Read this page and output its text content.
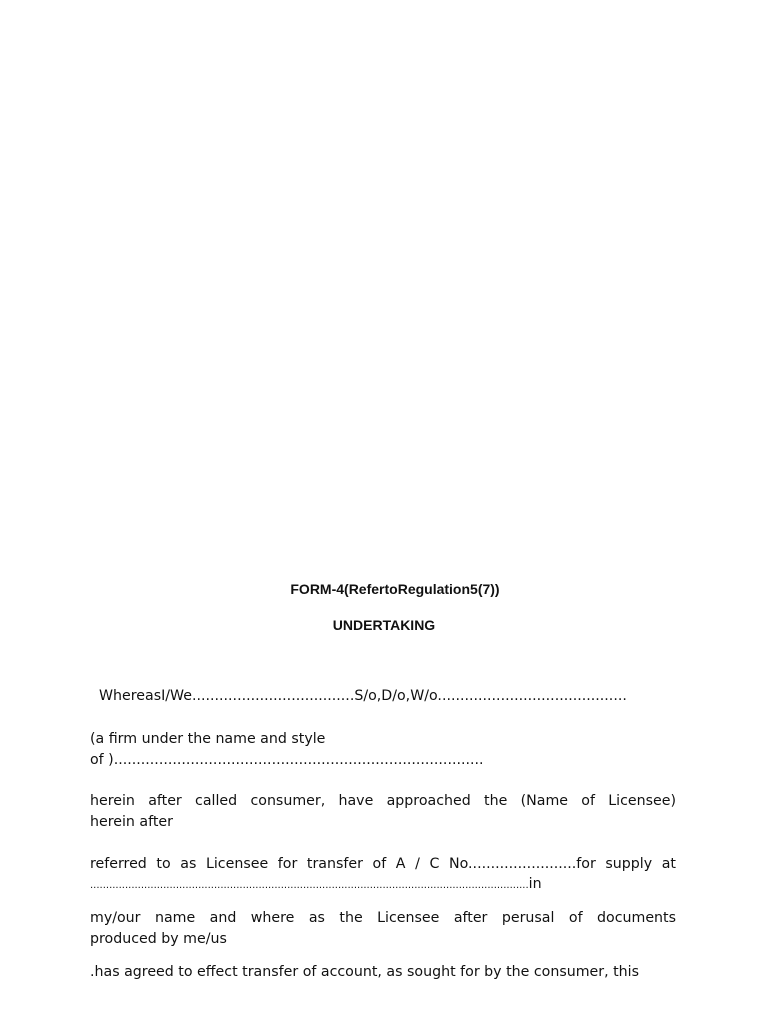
FORM-4(RefertoRegulation5(7))
UNDERTAKING
WhereasI/We....................................S/o,D/o,W/o..........................................
(a firm under the name and style
of )..................................................................................
herein after called consumer, have approached the (Name of Licensee)
herein after
referred to as Licensee for transfer of A / C No........................for supply at
..........................................................................................................................................in
my/our name and where as the Licensee after perusal of documents
produced by me/us
.has agreed to effect transfer of account, as sought for by the consumer, this
